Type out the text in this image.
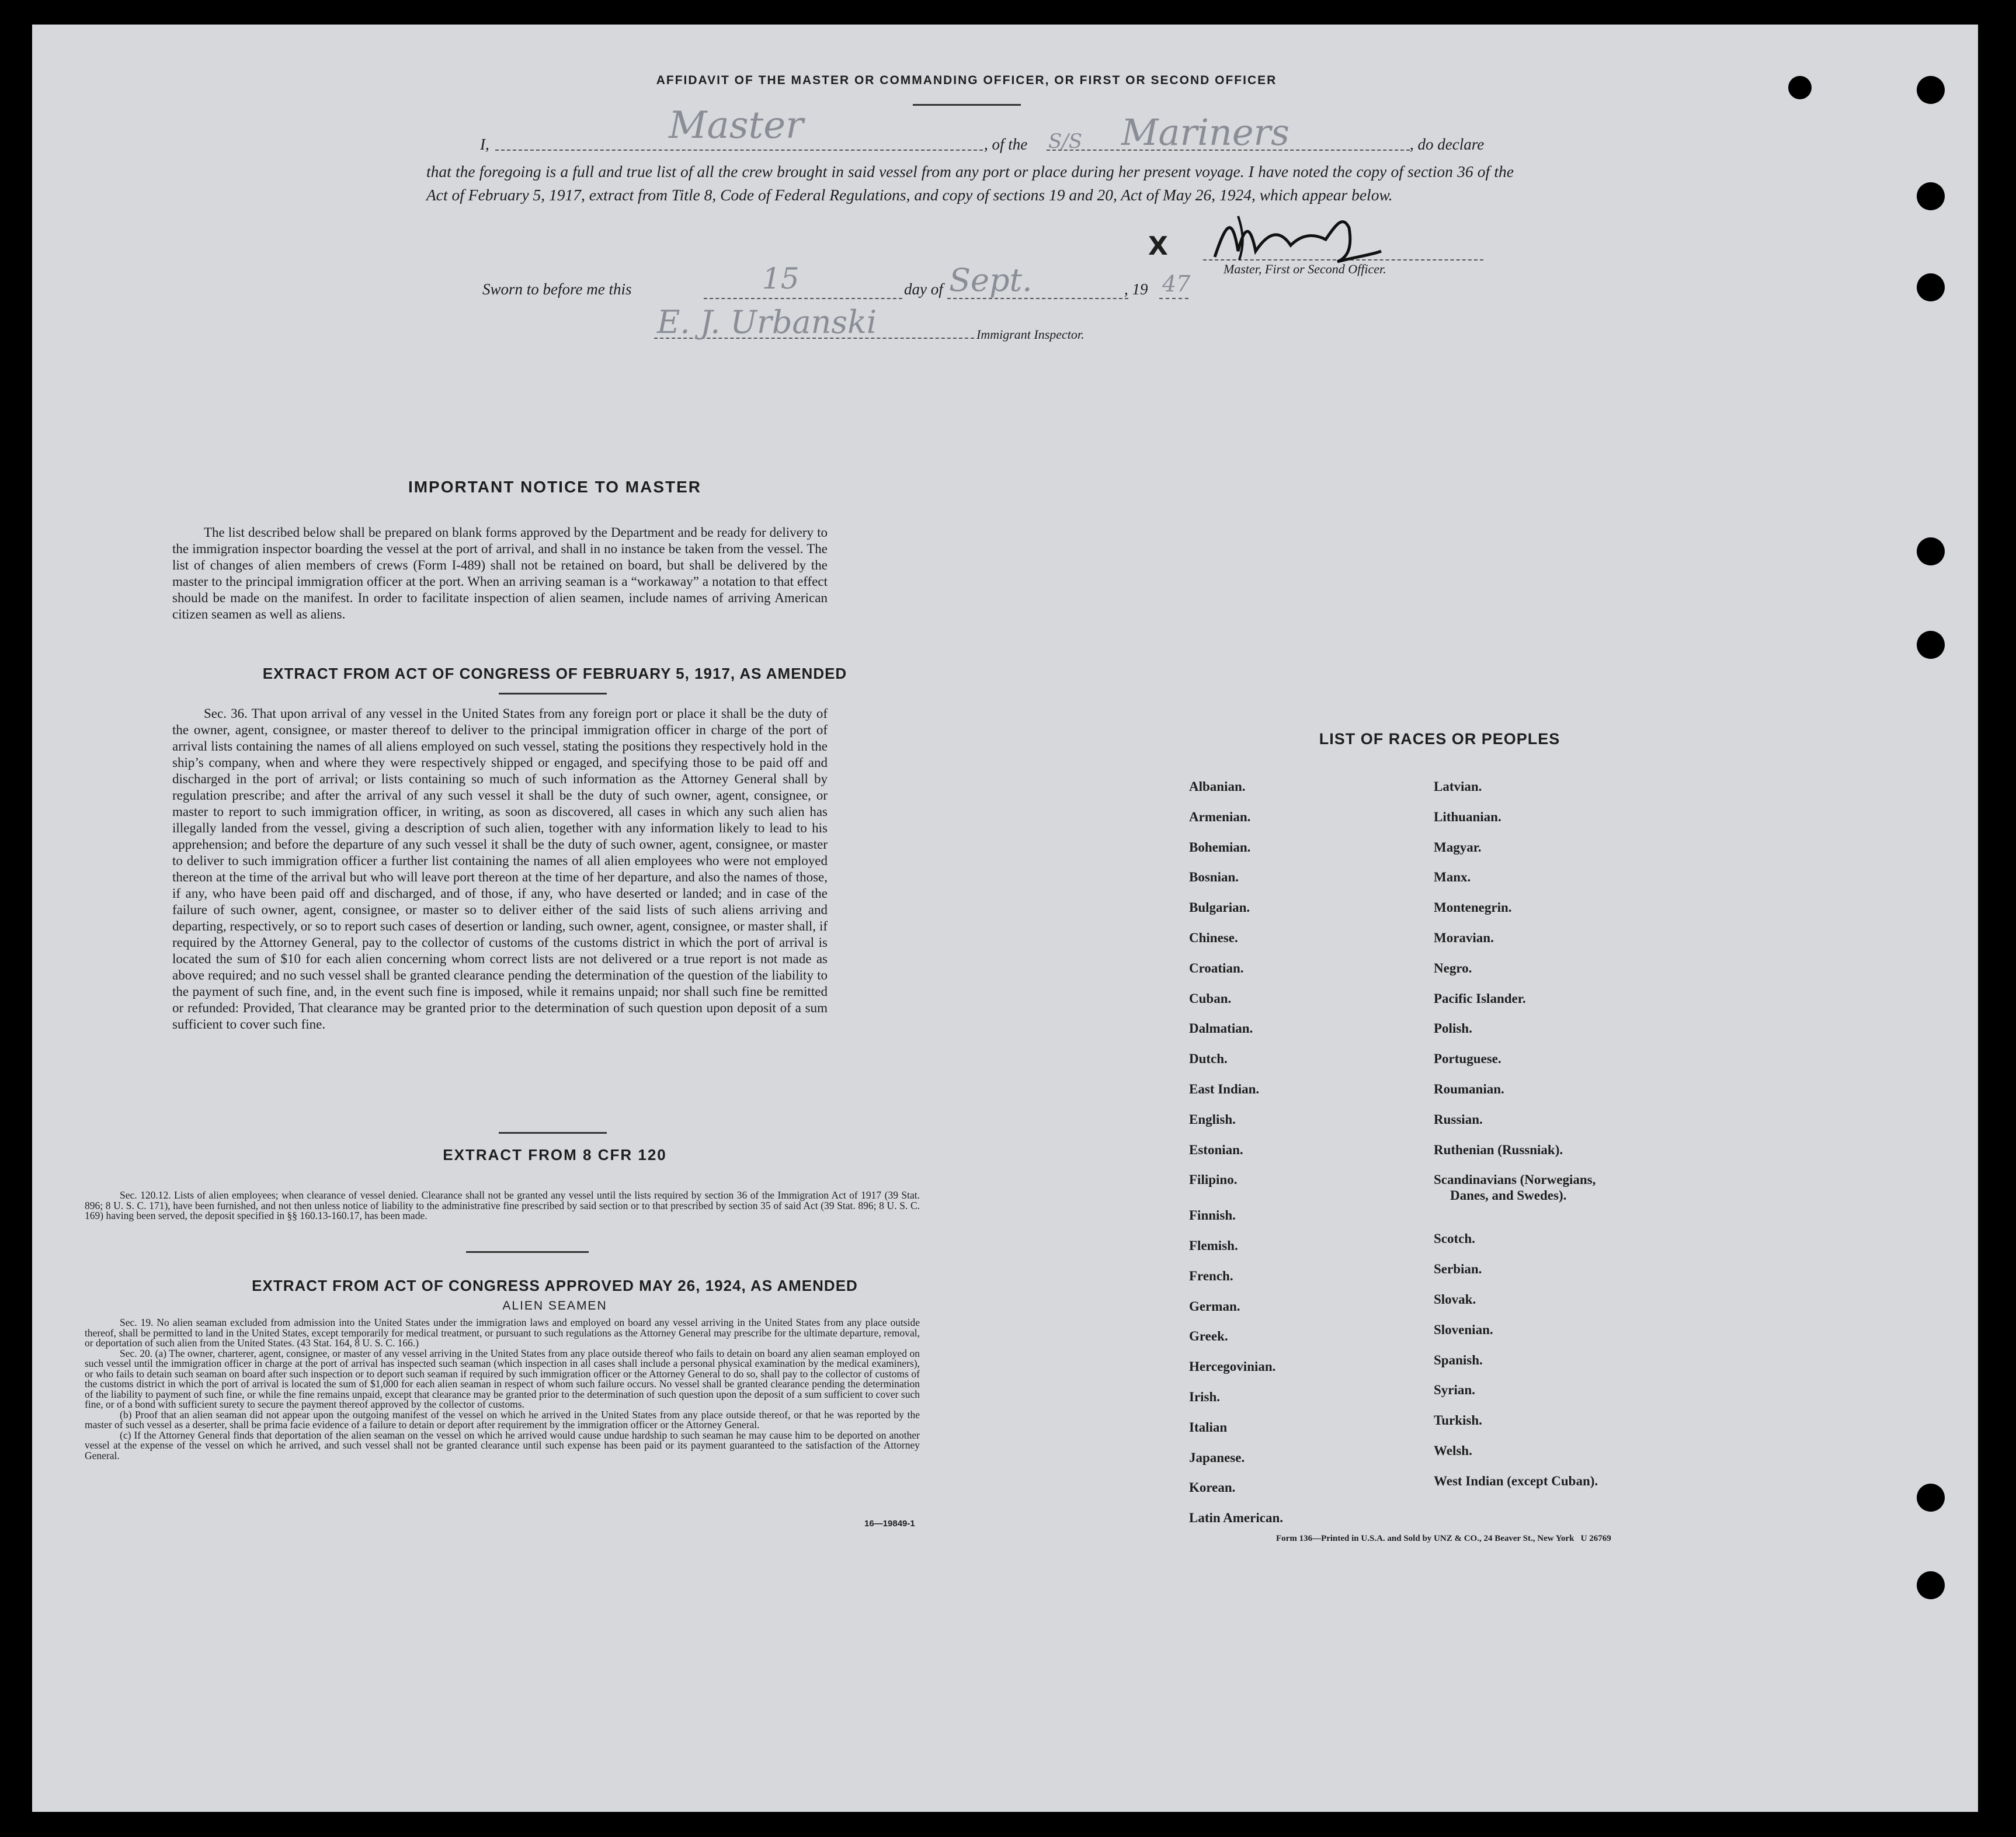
AFFIDAVIT OF THE MASTER OR COMMANDING OFFICER, OR FIRST OR SECOND OFFICER
I,	Master	, of the S/S Mariners	, do declare
that the foregoing is a full and true list of all the crew brought in said vessel from any port or place during her present voyage. I have noted the copy of section 36 of the Act of February 5, 1917, extract from Title 8, Code of Federal Regulations, and copy of sections 19 and 20, Act of May 26, 1924, which appear below.
X
Master, First or Second Officer.
Sworn to before me this	15	day of Sept.	, 19 47
E. J. Urbanski	Immigrant Inspector.
IMPORTANT NOTICE TO MASTER
The list described below shall be prepared on blank forms approved by the Department and be ready for delivery to the immigration inspector boarding the vessel at the port of arrival, and shall in no instance be taken from the vessel. The list of changes of alien members of crews (Form I-489) shall not be retained on board, but shall be delivered by the master to the principal immigration officer at the port. When an arriving seaman is a “workaway” a notation to that effect should be made on the manifest. In order to facilitate inspection of alien seamen, include names of arriving American citizen seamen as well as aliens.
EXTRACT FROM ACT OF CONGRESS OF FEBRUARY 5, 1917, AS AMENDED
Sec. 36. That upon arrival of any vessel in the United States from any foreign port or place it shall be the duty of the owner, agent, consignee, or master thereof to deliver to the principal immigration officer in charge of the port of arrival lists containing the names of all aliens employed on such vessel, stating the positions they respectively hold in the ship’s company, when and where they were respectively shipped or engaged, and specifying those to be paid off and discharged in the port of arrival; or lists containing so much of such information as the Attorney General shall by regulation prescribe; and after the arrival of any such vessel it shall be the duty of such owner, agent, consignee, or master to report to such immigration officer, in writing, as soon as discovered, all cases in which any such alien has illegally landed from the vessel, giving a description of such alien, together with any information likely to lead to his apprehension; and before the departure of any such vessel it shall be the duty of such owner, agent, consignee, or master to deliver to such immigration officer a further list containing the names of all alien employees who were not employed thereon at the time of the arrival but who will leave port thereon at the time of her departure, and also the names of those, if any, who have been paid off and discharged, and of those, if any, who have deserted or landed; and in case of the failure of such owner, agent, consignee, or master so to deliver either of the said lists of such aliens arriving and departing, respectively, or so to report such cases of desertion or landing, such owner, agent, consignee, or master shall, if required by the Attorney General, pay to the collector of customs of the customs district in which the port of arrival is located the sum of $10 for each alien concerning whom correct lists are not delivered or a true report is not made as above required; and no such vessel shall be granted clearance pending the determination of the question of the liability to the payment of such fine, and, in the event such fine is imposed, while it remains unpaid; nor shall such fine be remitted or refunded: Provided, That clearance may be granted prior to the determination of such question upon deposit of a sum sufficient to cover such fine.
EXTRACT FROM 8 CFR 120
Sec. 120.12. Lists of alien employees; when clearance of vessel denied. Clearance shall not be granted any vessel until the lists required by section 36 of the Immigration Act of 1917 (39 Stat. 896; 8 U. S. C. 171), have been furnished, and not then unless notice of liability to the administrative fine prescribed by said section or to that prescribed by section 35 of said Act (39 Stat. 896; 8 U. S. C. 169) having been served, the deposit specified in §§ 160.13-160.17, has been made.
EXTRACT FROM ACT OF CONGRESS APPROVED MAY 26, 1924, AS AMENDED
ALIEN SEAMEN
Sec. 19. No alien seaman excluded from admission into the United States under the immigration laws and employed on board any vessel arriving in the United States from any place outside thereof, shall be permitted to land in the United States, except temporarily for medical treatment, or pursuant to such regulations as the Attorney General may prescribe for the ultimate departure, removal, or deportation of such alien from the United States. (43 Stat. 164, 8 U. S. C. 166.)
Sec. 20. (a) The owner, charterer, agent, consignee, or master of any vessel arriving in the United States from any place outside thereof who fails to detain on board any alien seaman employed on such vessel until the immigration officer in charge at the port of arrival has inspected such seaman (which inspection in all cases shall include a personal physical examination by the medical examiners), or who fails to detain such seaman on board after such inspection or to deport such seaman if required by such immigration officer or the Attorney General to do so, shall pay to the collector of customs of the customs district in which the port of arrival is located the sum of $1,000 for each alien seaman in respect of whom such failure occurs. No vessel shall be granted clearance pending the determination of the liability to payment of such fine, or while the fine remains unpaid, except that clearance may be granted prior to the determination of such question upon the deposit of a sum sufficient to cover such fine, or of a bond with sufficient surety to secure the payment thereof approved by the collector of customs.
(b) Proof that an alien seaman did not appear upon the outgoing manifest of the vessel on which he arrived in the United States from any place outside thereof, or that he was reported by the master of such vessel as a deserter, shall be prima facie evidence of a failure to detain or deport after requirement by the immigration officer or the Attorney General.
(c) If the Attorney General finds that deportation of the alien seaman on the vessel on which he arrived would cause undue hardship to such seaman he may cause him to be deported on another vessel at the expense of the vessel on which he arrived, and such vessel shall not be granted clearance until such expense has been paid or its payment guaranteed to the satisfaction of the Attorney General.
16—19849-1
LIST OF RACES OR PEOPLES
Albanian.
Armenian.
Bohemian.
Bosnian.
Bulgarian.
Chinese.
Croatian.
Cuban.
Dalmatian.
Dutch.
East Indian.
English.
Estonian.
Filipino.
Finnish.
Flemish.
French.
German.
Greek.
Hercegovinian.
Irish.
Italian
Japanese.
Korean.
Latin American.
Latvian.
Lithuanian.
Magyar.
Manx.
Montenegrin.
Moravian.
Negro.
Pacific Islander.
Polish.
Portuguese.
Roumanian.
Russian.
Ruthenian (Russniak).
Scandinavians (Norwegians,
Danes, and Swedes).
Scotch.
Serbian.
Slovak.
Slovenian.
Spanish.
Syrian.
Turkish.
Welsh.
West Indian (except Cuban).
Form 136—Printed in U.S.A. and Sold by UNZ & CO., 24 Beaver St., New York   U 26769
